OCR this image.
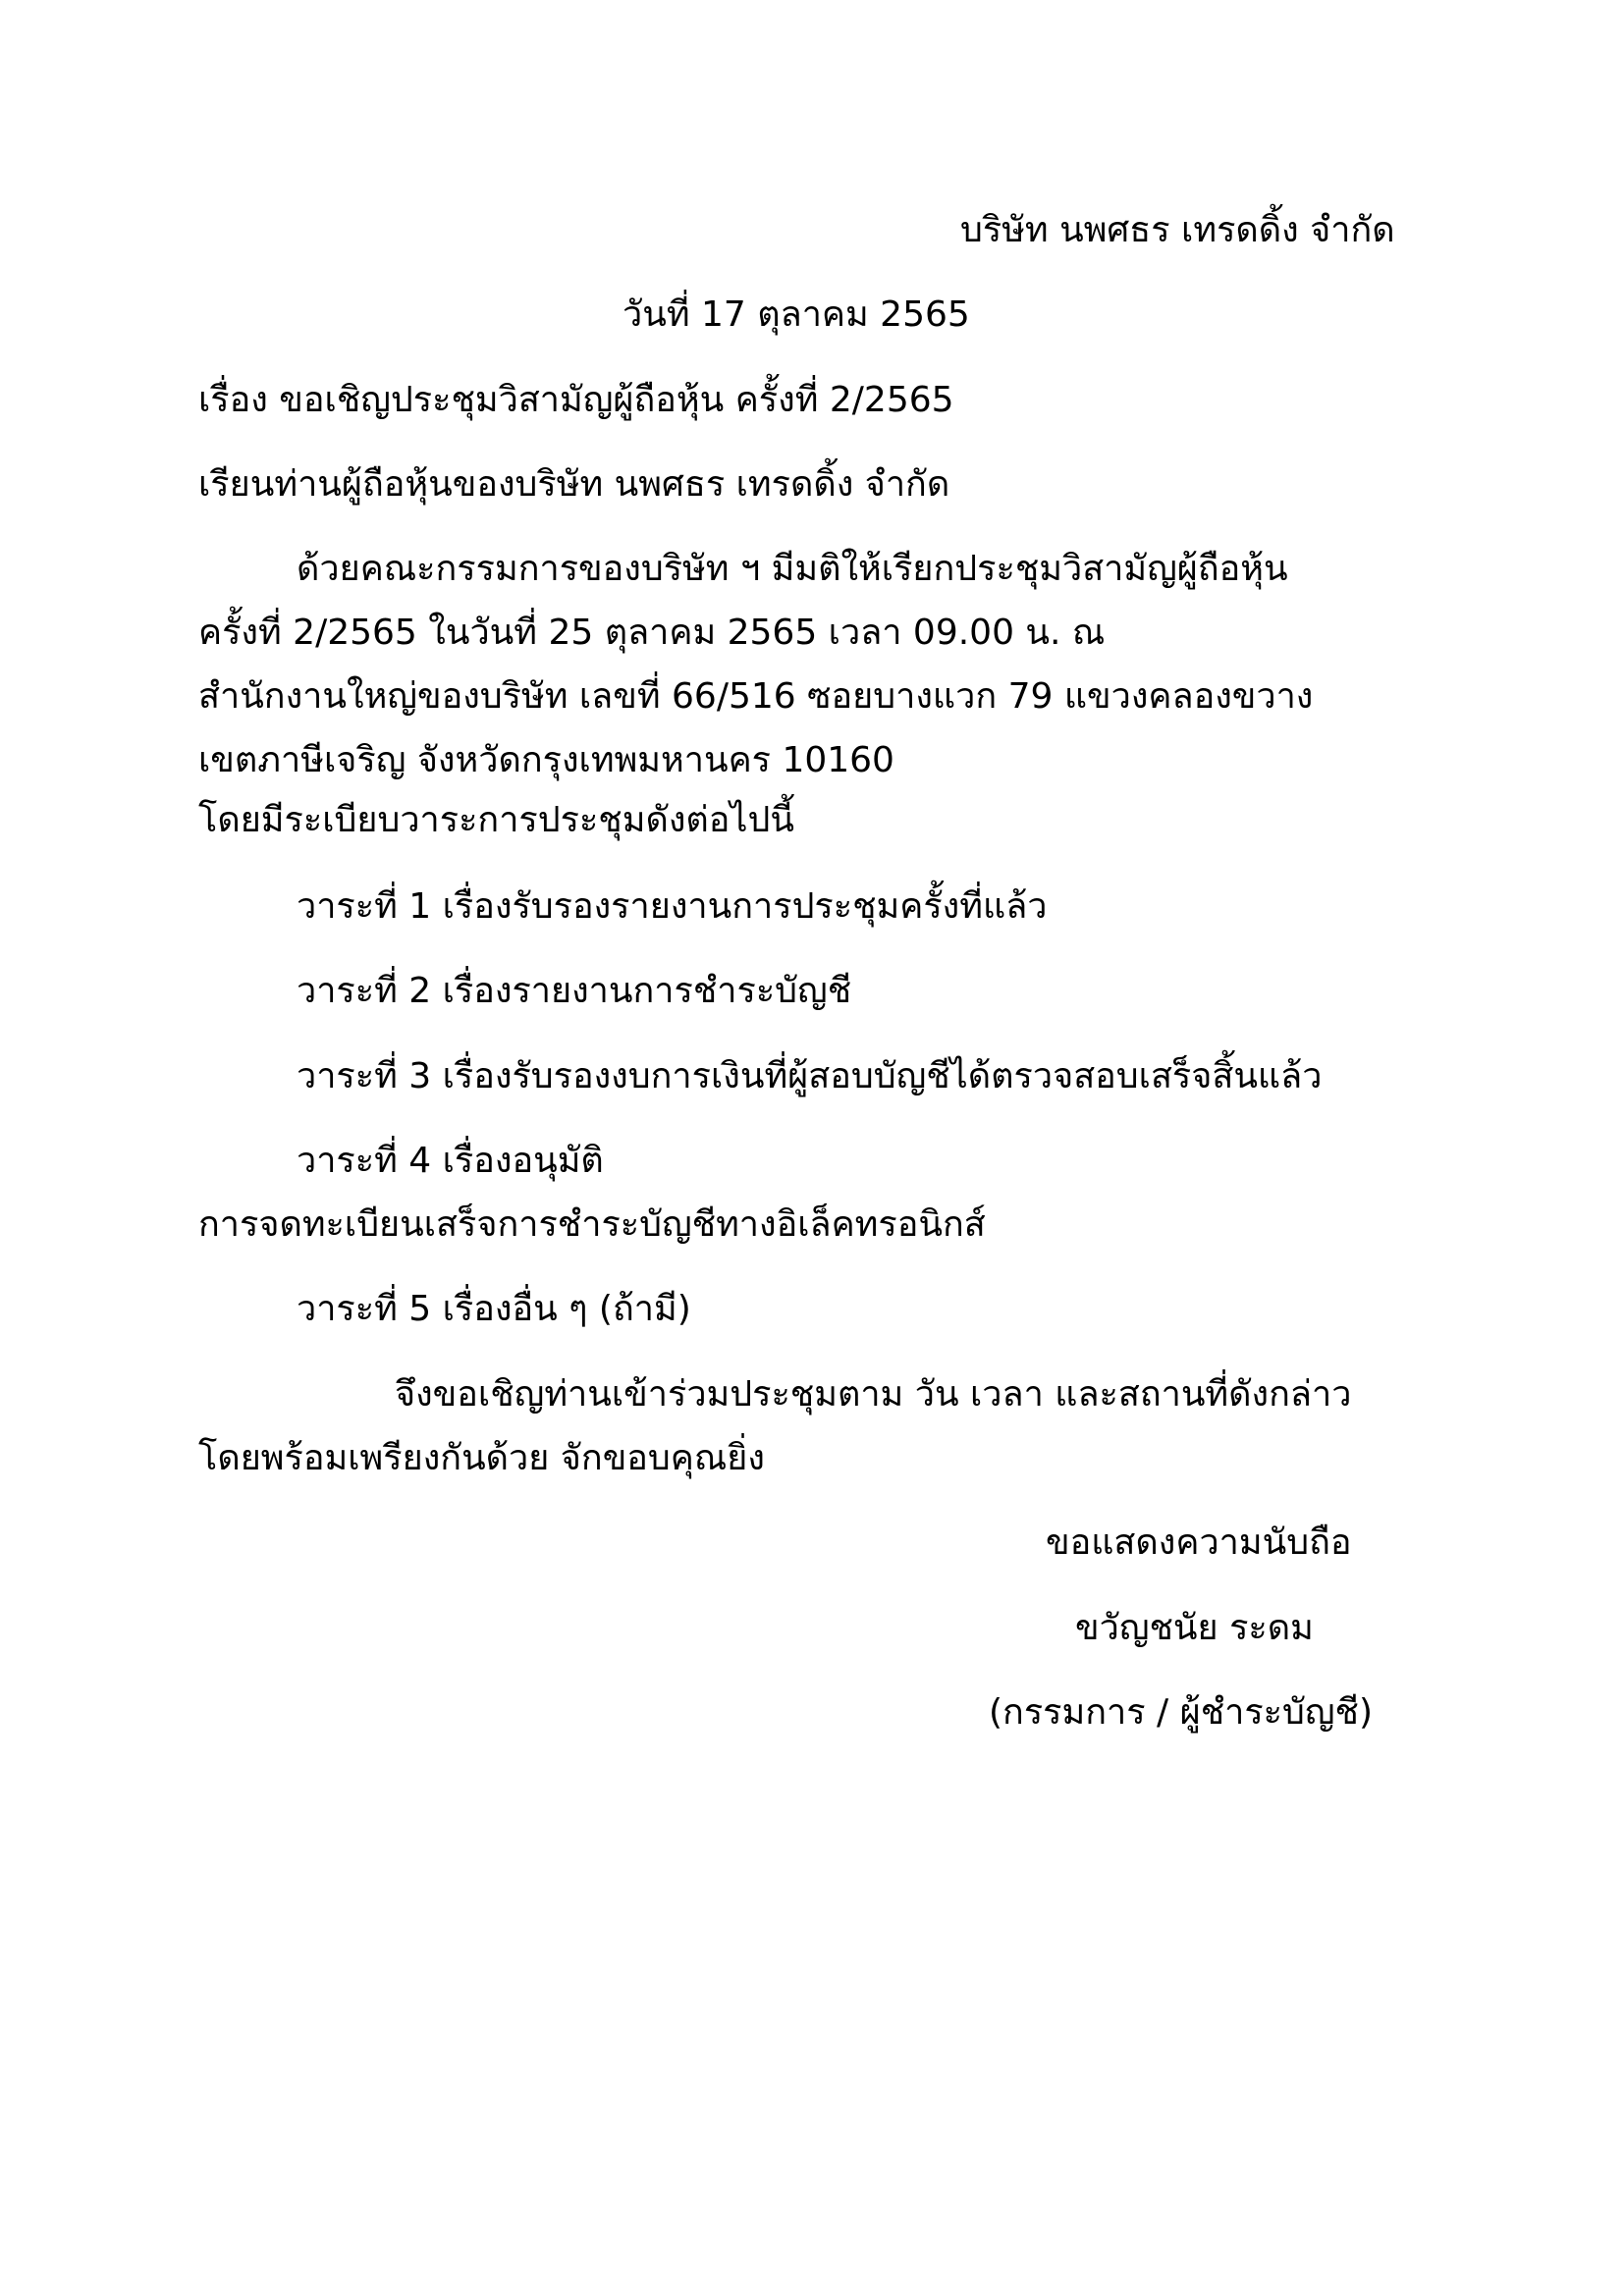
บริษัท นพศธร เทรดดิ้ง จำกัด
วันที่ 17 ตุลาคม 2565
เรื่อง ขอเชิญประชุมวิสามัญผู้ถือหุ้น ครั้งที่ 2/2565
เรียนท่านผู้ถือหุ้นของบริษัท นพศธร เทรดดิ้ง จำกัด
ด้วยคณะกรรมการของบริษัท ฯ มีมติให้เรียกประชุมวิสามัญผู้ถือหุ้น
ครั้งที่ 2/2565 ในวันที่ 25 ตุลาคม 2565 เวลา 09.00 น. ณ
สำนักงานใหญ่ของบริษัท เลขที่ 66/516 ซอยบางแวก 79 แขวงคลองขวาง
เขตภาษีเจริญ จังหวัดกรุงเทพมหานคร 10160
โดยมีระเบียบวาระการประชุมดังต่อไปนี้
วาระที่ 1 เรื่องรับรองรายงานการประชุมครั้งที่แล้ว
วาระที่ 2 เรื่องรายงานการชำระบัญชี
วาระที่ 3 เรื่องรับรองงบการเงินที่ผู้สอบบัญชีได้ตรวจสอบเสร็จสิ้นแล้ว
วาระที่ 4 เรื่องอนุมัติ
การจดทะเบียนเสร็จการชำระบัญชีทางอิเล็คทรอนิกส์
วาระที่ 5 เรื่องอื่น ๆ (ถ้ามี)
จึงขอเชิญท่านเข้าร่วมประชุมตาม วัน เวลา และสถานที่ดังกล่าว
โดยพร้อมเพรียงกันด้วย จักขอบคุณยิ่ง
ขอแสดงความนับถือ
ขวัญชนัย ระดม
(กรรมการ / ผู้ชำระบัญชี)
